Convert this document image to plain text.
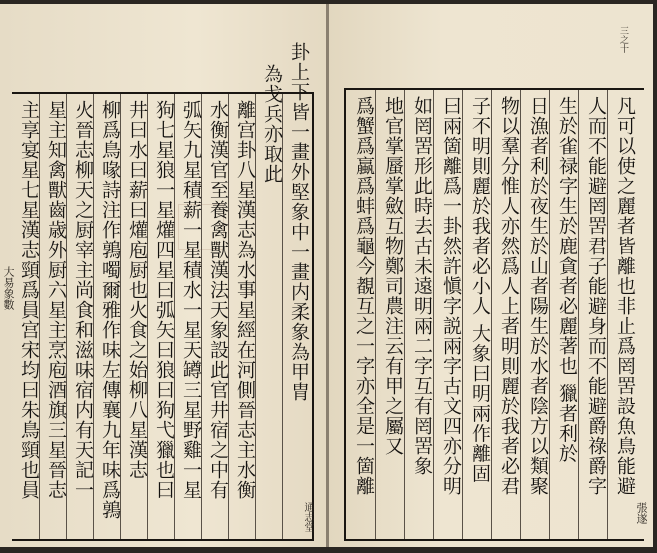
大易象數	卦上下皆一畫外堅象中一畫内柔象為甲胄
為戈兵亦取此
離宫卦八星漢志為水事星經在河側晉志主水衡
水衡漢官至養禽獸漢法天象設此官井宿之中有
弧矢九星積薪一星積水一星天罇三星野雞一星
狗七星狼一星爟四星曰弧矢曰狼曰狗弋獵也曰
井曰水曰薪曰爟庖厨也火食之始柳八星漢志
柳爲鳥喙詩注作鶉噣爾雅作味左傳襄九年味爲鶉
火晉志柳天之厨宰主尚食和滋味宿内有天記一
星主知禽獸齒歳外厨六星主烹庖酒旗三星晉志
主享宴星七星漢志頸爲員宫宋均曰朱鳥頸也員
通志堂
三之十
凡可以使之麗者皆離也非止爲罔罟設魚鳥能避
人而不能避罔罟君子能避身而不能避爵祿爵字
生於雀禄字生於鹿貪者必麗著也 獵者利於
日漁者利於夜生於山者陽生於水者陰方以類聚
物以羣分惟人亦然爲人上者明則麗於我者必君
子不明則麗於我者必小人 大象曰明兩作離固
曰兩箇離爲一卦然許愼字説兩字古文四亦分明
如罔罟形此時去古未遠明兩二字互有罔罟象
地官掌蜃掌斂互物鄭司農注云有甲之屬又
爲蟹爲蠃爲蚌爲龜今覩互之一字亦全是一箇離
張遂
